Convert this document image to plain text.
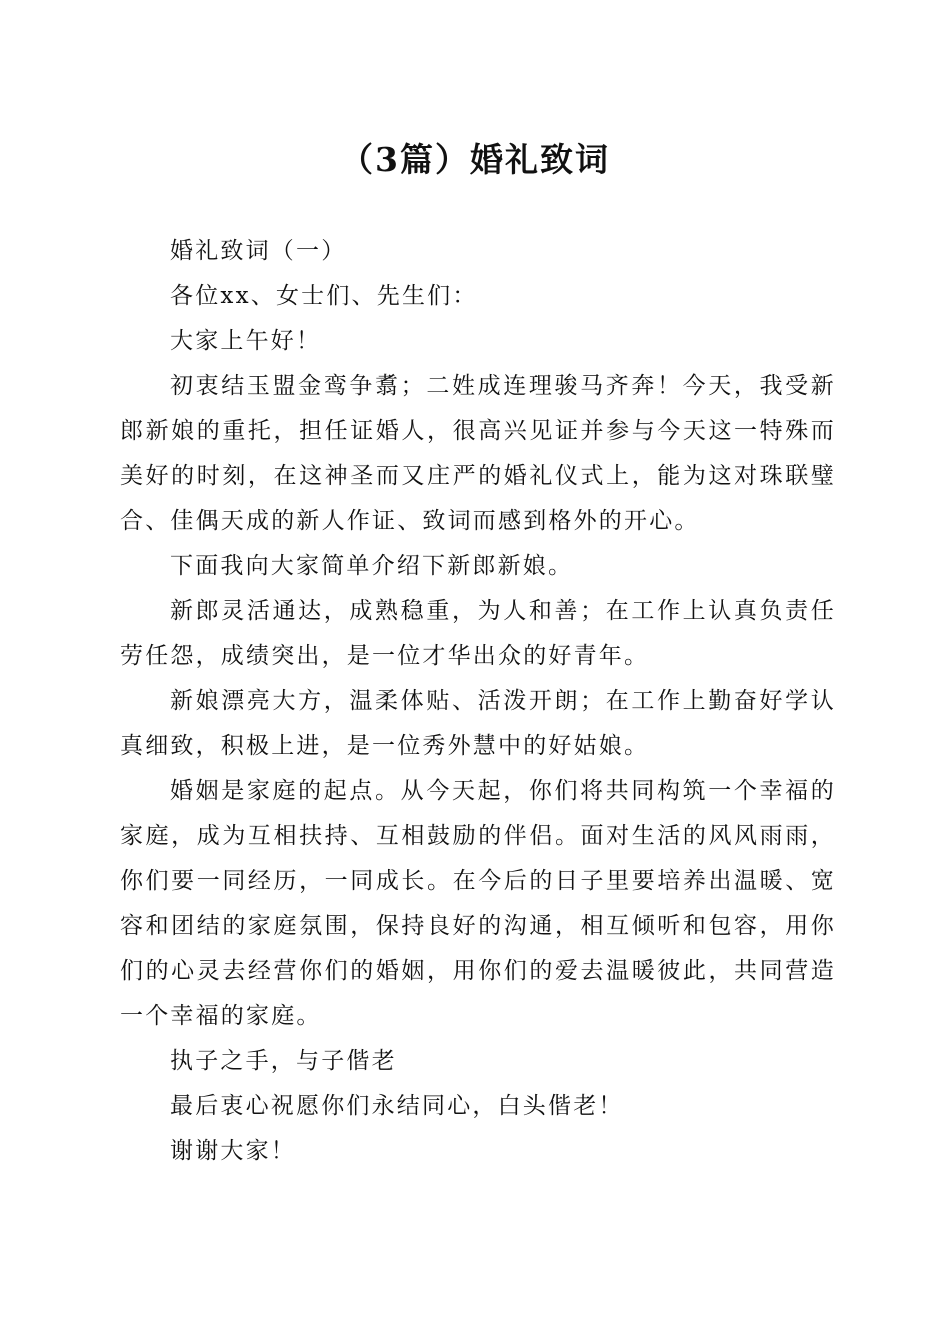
（3篇）婚礼致词

婚礼致词（一）

各位xx、女士们、先生们：

大家上午好！

初衷结玉盟金鸾争翥；二姓成连理骏马齐奔！今天，我受新郎新娘的重托，担任证婚人，很高兴见证并参与今天这一特殊而美好的时刻，在这神圣而又庄严的婚礼仪式上，能为这对珠联璧合、佳偶天成的新人作证、致词而感到格外的开心。

下面我向大家简单介绍下新郎新娘。

新郎灵活通达，成熟稳重，为人和善；在工作上认真负责任劳任怨，成绩突出，是一位才华出众的好青年。

新娘漂亮大方，温柔体贴、活泼开朗；在工作上勤奋好学认真细致，积极上进，是一位秀外慧中的好姑娘。

婚姻是家庭的起点。从今天起，你们将共同构筑一个幸福的家庭，成为互相扶持、互相鼓励的伴侣。面对生活的风风雨雨，你们要一同经历，一同成长。在今后的日子里要培养出温暖、宽容和团结的家庭氛围，保持良好的沟通，相互倾听和包容，用你们的心灵去经营你们的婚姻，用你们的爱去温暖彼此，共同营造一个幸福的家庭。

执子之手，与子偕老

最后衷心祝愿你们永结同心，白头偕老！

谢谢大家！
